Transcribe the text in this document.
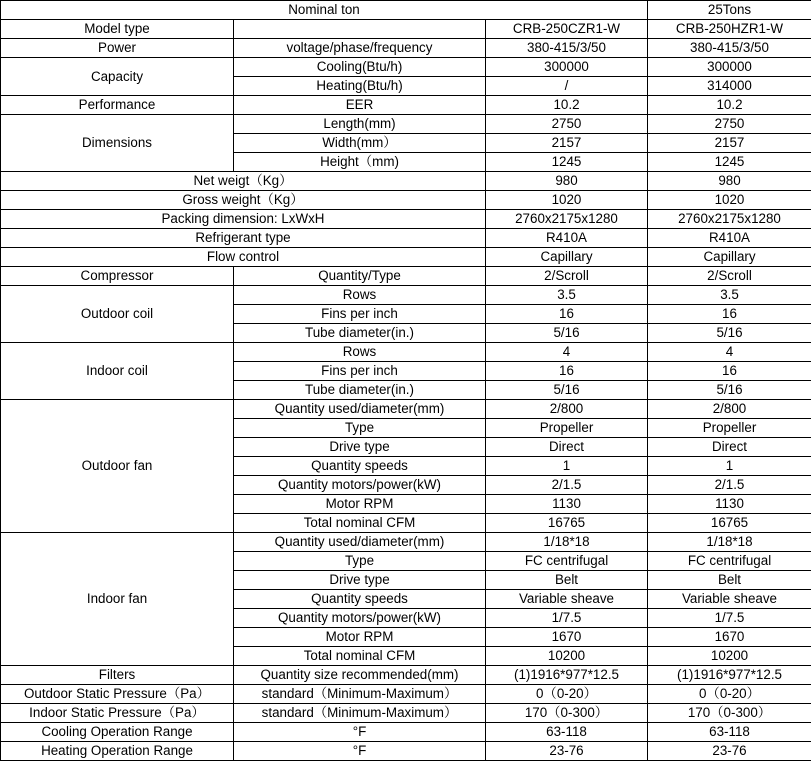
Nominal ton			25Tons
Model type		CRB-250CZR1-W	CRB-250HZR1-W
Power	voltage/phase/frequency	380-415/3/50	380-415/3/50
Capacity	Cooling(Btu/h)	300000	300000
	Heating(Btu/h)	/	314000
Performance	EER	10.2	10.2
Dimensions	Length(mm)	2750	2750
	Width(mm）	2157	2157
	Height（mm)	1245	1245
Net weigt（Kg）		980	980
Gross weight（Kg）		1020	1020
Packing dimension: LxWxH		2760x2175x1280	2760x2175x1280
Refrigerant type		R410A	R410A
Flow control		Capillary	Capillary
Compressor	Quantity/Type	2/Scroll	2/Scroll
Outdoor coil	Rows	3.5	3.5
	Fins per inch	16	16
	Tube diameter(in.)	5/16	5/16
Indoor coil	Rows	4	4
	Fins per inch	16	16
	Tube diameter(in.)	5/16	5/16
Outdoor fan	Quantity used/diameter(mm)	2/800	2/800
	Type	Propeller	Propeller
	Drive type	Direct	Direct
	Quantity speeds	1	1
	Quantity motors/power(kW)	2/1.5	2/1.5
	Motor RPM	1130	1130
	Total nominal CFM	16765	16765
Indoor fan	Quantity used/diameter(mm)	1/18*18	1/18*18
	Type	FC centrifugal	FC centrifugal
	Drive type	Belt	Belt
	Quantity speeds	Variable sheave	Variable sheave
	Quantity motors/power(kW)	1/7.5	1/7.5
	Motor RPM	1670	1670
	Total nominal CFM	10200	10200
Filters	Quantity size recommended(mm)	(1)1916*977*12.5	(1)1916*977*12.5
Outdoor Static Pressure（Pa）	standard（Minimum-Maximum）	0（0-20）	0（0-20）
Indoor Static Pressure（Pa）	standard（Minimum-Maximum）	170（0-300）	170（0-300）
Cooling Operation Range	°F	63-118	63-118
Heating Operation Range	°F	23-76	23-76
